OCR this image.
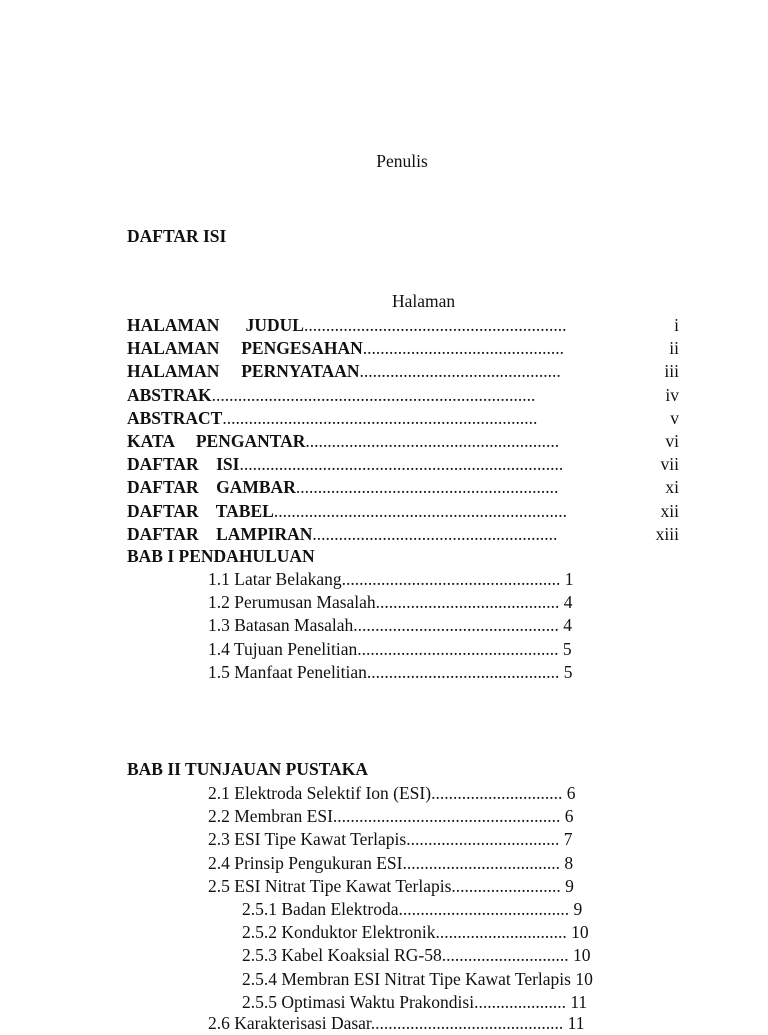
Penulis
DAFTAR ISI
Halaman
HALAMAN      JUDUL............................................................	i
HALAMAN     PENGESAHAN..............................................	ii
HALAMAN     PERNYATAAN..............................................	iii
ABSTRAK..........................................................................	iv
ABSTRACT........................................................................	v
KATA     PENGANTAR..........................................................	vi
DAFTAR    ISI..........................................................................	vii
DAFTAR    GAMBAR............................................................	xi
DAFTAR    TABEL...................................................................	xii
DAFTAR    LAMPIRAN........................................................	xiii
BAB I PENDAHULUAN
1.1 Latar Belakang.................................................. 1
1.2 Perumusan Masalah.......................................... 4
1.3 Batasan Masalah............................................... 4
1.4 Tujuan Penelitian.............................................. 5
1.5 Manfaat Penelitian............................................ 5
BAB II TUNJAUAN PUSTAKA
2.1 Elektroda Selektif Ion (ESI).............................. 6
2.2 Membran ESI.................................................... 6
2.3 ESI Tipe Kawat Terlapis................................... 7
2.4 Prinsip Pengukuran ESI.................................... 8
2.5 ESI Nitrat Tipe Kawat Terlapis......................... 9
2.5.1 Badan Elektroda....................................... 9
2.5.2 Konduktor Elektronik.............................. 10
2.5.3 Kabel Koaksial RG-58............................. 10
2.5.4 Membran ESI Nitrat Tipe Kawat Terlapis 10
2.5.5 Optimasi Waktu Prakondisi..................... 11
2.6 Karakterisasi Dasar............................................ 11
